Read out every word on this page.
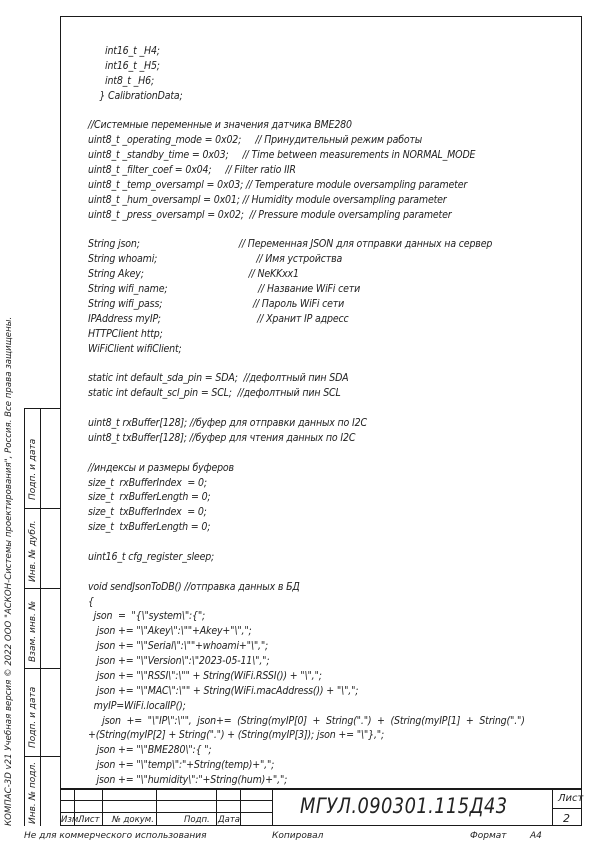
int16_t _H4;
int16_t _H5;
int8_t _H6;
} CalibrationData;
//Системные переменные и значения датчика BME280
uint8_t _operating_mode = 0x02;     // Принудительный режим работы
uint8_t _standby_time = 0x03;     // Time between measurements in NORMAL_MODE
uint8_t _filter_coef = 0x04;     // Filter ratio IIR
uint8_t _temp_oversampl = 0x03; // Temperature module oversampling parameter
uint8_t _hum_oversampl = 0x01; // Humidity module oversampling parameter
uint8_t _press_oversampl = 0x02;  // Pressure module oversampling parameter
String json;                                   // Переменная JSON для отправки данных на сервер
String whoami;                                   // Имя устройства
String Akey;                                     // NeKKxx1
String wifi_name;                                // Название WiFi сети
String wifi_pass;                                // Пароль WiFi сети
IPAddress myIP;                                  // Хранит IP адресс
HTTPClient http;
WiFiClient wifiClient;
static int default_sda_pin = SDA;  //дефолтный пин SDA
static int default_scl_pin = SCL;  //дефолтный пин SCL
uint8_t rxBuffer[128]; //буфер для отправки данных по I2C
uint8_t txBuffer[128]; //буфер для чтения данных по I2C
//индексы и размеры буферов
size_t  rxBufferIndex  = 0;
size_t  rxBufferLength = 0;
size_t  txBufferIndex  = 0;
size_t  txBufferLength = 0;
uint16_t cfg_register_sleep;
void sendJsonToDB() //отправка данных в БД
{
json  =  "{\"system\":{";
json += "\"Akey\":\""+Akey+"\",";
json += "\"Serial\":\""+whoami+"\",";
json += "\"Version\":\"2023-05-11\",";
json += "\"RSSI\":\"" + String(WiFi.RSSI()) + "\",";
json += "\"MAC\":\"" + String(WiFi.macAddress()) + "\",";
myIP=WiFi.localIP();
json  +=  "\"IP\":\"",  json+=  (String(myIP[0]  +  String(".")  +  (String(myIP[1]  +  String(".")
+(String(myIP[2] + String(".") + (String(myIP[3]); json += "\"},";
json += "\"BME280\":{ ";
json += "\"temp\":"+String(temp)+",";
json += "\"humidity\":"+String(hum)+",";
КОМПАС-3D v21 Учебная версия © 2022 ООО "АСКОН-Системы проектирования", Россия. Все права защищены. Подп. и дата
Инв. № дубл.
Взам. инв. №
Подп. и дата
Инв. № подл.	Изм.
Лист № докум.	Подп. Дата
МГУЛ.090301.115Д43	Лист
2
Не для коммерческого использования	Копировал	Формат	А4
